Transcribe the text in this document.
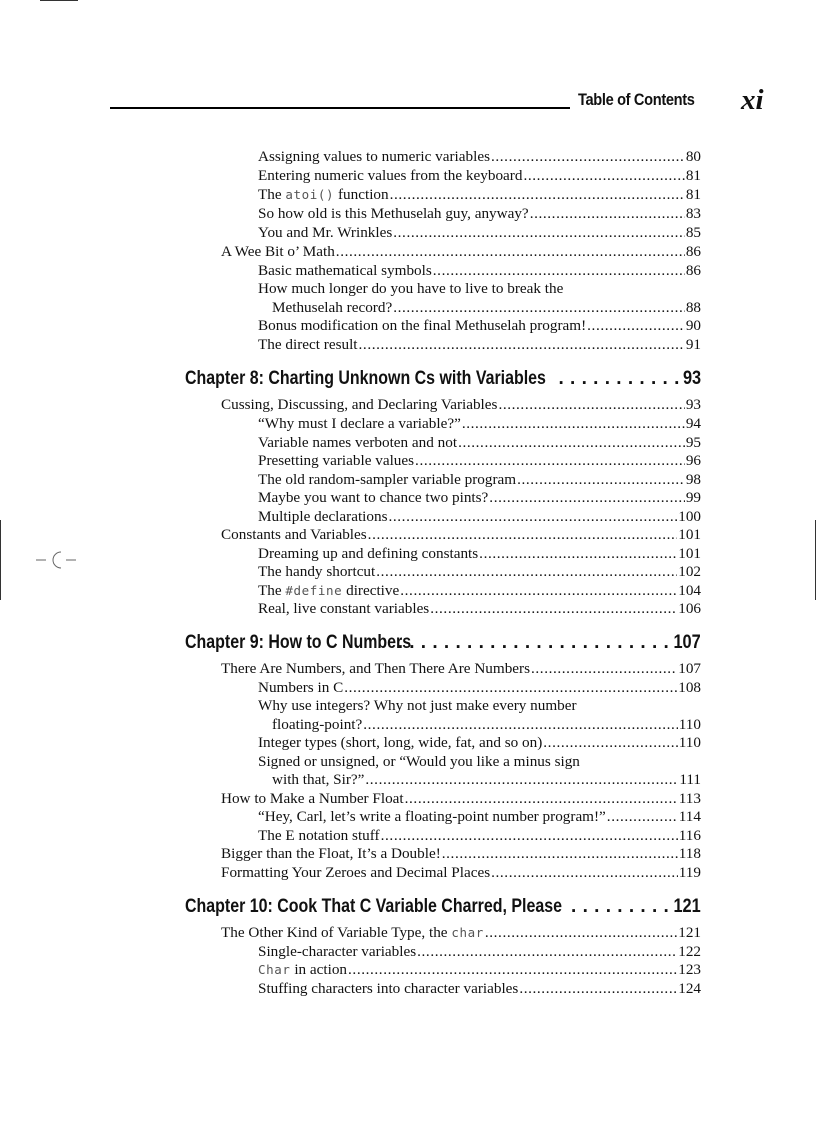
Table of Contents xi
Assigning values to numeric variables .....	80
Entering numeric values from the keyboard .....	81
The atoi() function .....	81
So how old is this Methuselah guy, anyway? .....	83
You and Mr. Wrinkles .....	85
A Wee Bit o’ Math .....	86
Basic mathematical symbols .....	86
How much longer do you have to live to break the
Methuselah record? .....	88
Bonus modification on the final Methuselah program! .....	90
The direct result .....	91
Chapter 8: Charting Unknown Cs with Variables . . .	93
Cussing, Discussing, and Declaring Variables .....	93
“Why must I declare a variable?” .....	94
Variable names verboten and not .....	95
Presetting variable values .....	96
The old random-sampler variable program .....	98
Maybe you want to chance two pints? .....	99
Multiple declarations .....	100
Constants and Variables .....	101
Dreaming up and defining constants .....	101
The handy shortcut .....	102
The #define directive .....	104
Real, live constant variables .....	106
Chapter 9: How to C Numbers . . .	107
There Are Numbers, and Then There Are Numbers .....	107
Numbers in C .....	108
Why use integers? Why not just make every number
floating-point? .....	110
Integer types (short, long, wide, fat, and so on) .....	110
Signed or unsigned, or “Would you like a minus sign
with that, Sir?” .....	111
How to Make a Number Float .....	113
“Hey, Carl, let’s write a floating-point number program!” .....	114
The E notation stuff .....	116
Bigger than the Float, It’s a Double! .....	118
Formatting Your Zeroes and Decimal Places .....	119
Chapter 10: Cook That C Variable Charred, Please . . .	121
The Other Kind of Variable Type, the char .....	121
Single-character variables .....	122
Char in action .....	123
Stuffing characters into character variables .....	124
